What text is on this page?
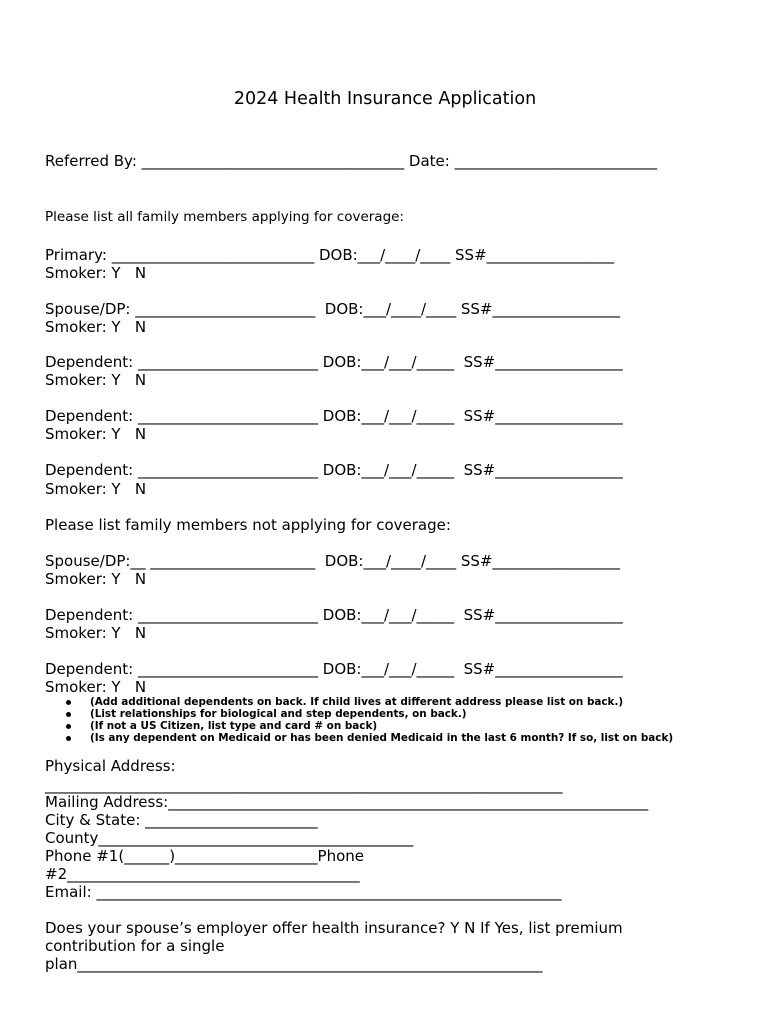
2024 Health Insurance Application

Referred By: ___________________________________ Date: ___________________________

Please list all family members applying for coverage:

Primary: ___________________________ DOB:___/____/____ SS#_________________

Smoker: Y   N

Spouse/DP: ________________________  DOB:___/____/____ SS#_________________

Smoker: Y   N

Dependent: ________________________ DOB:___/___/_____  SS#_________________

Smoker: Y   N

Dependent: ________________________ DOB:___/___/_____  SS#_________________

Smoker: Y   N

Dependent: ________________________ DOB:___/___/_____  SS#_________________

Smoker: Y   N

Please list family members not applying for coverage:

Spouse/DP:__ ______________________  DOB:___/____/____ SS#_________________

Smoker: Y   N

Dependent: ________________________ DOB:___/___/_____  SS#_________________

Smoker: Y   N

Dependent: ________________________ DOB:___/___/_____  SS#_________________

Smoker: Y   N

(Add additional dependents on back. If child lives at different address please list on back.)
(List relationships for biological and step dependents, on back.)
(If not a US Citizen, list type and card # on back)
(Is any dependent on Medicaid or has been denied Medicaid in the last 6 month? If so, list on back)

Physical Address:

_____________________________________________________________________

Mailing Address:________________________________________________________________

City & State: _______________________

County__________________________________________

Phone #1(______)___________________Phone

#2_______________________________________

Email: ______________________________________________________________

Does your spouse’s employer offer health insurance? Y N If Yes, list premium

contribution for a single

plan______________________________________________________________
